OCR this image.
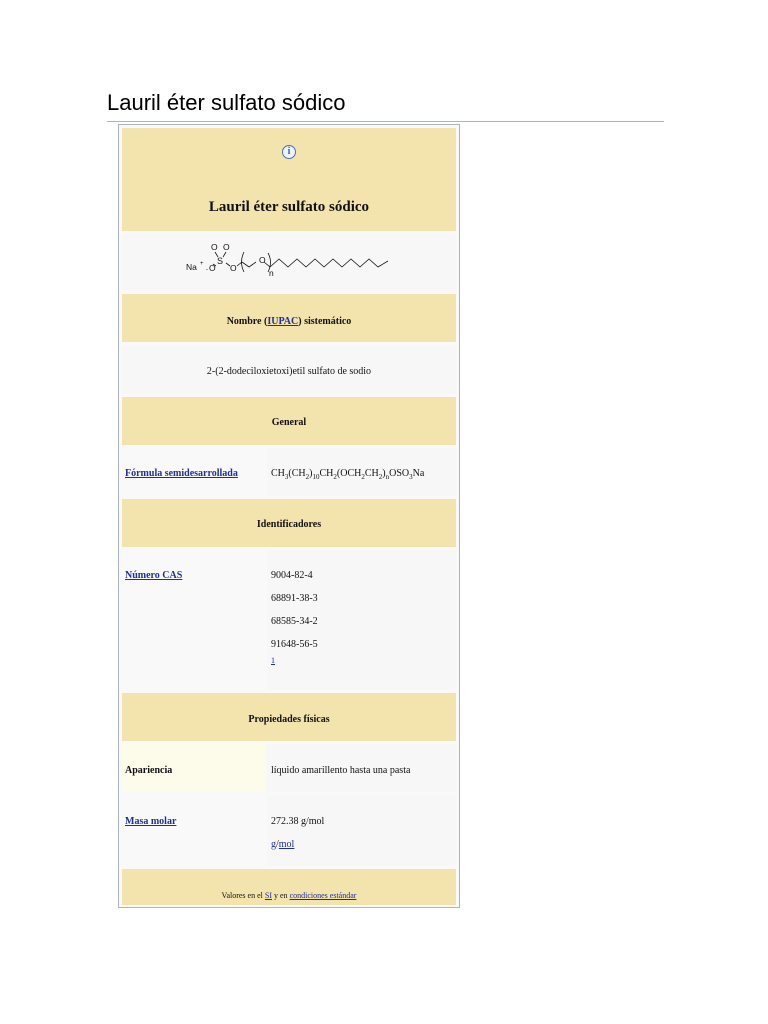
Lauril éter sulfato sódico
i
Lauril éter sulfato sódico
Na +
- O
O O
S
O
O
n
Nombre (IUPAC) sistemático
2-(2-dodeciloxietoxi)etil sulfato de sodio
General
Fórmula semidesarrollada	$CH_3(CH_2)_{10}CH_2(OCH_2CH_2)_nOSO_3Na$
Identificadores
Número CAS	9004-82-4
68891-38-3
68585-34-2
91648-56-5
1
Propiedades físicas
Apariencia	líquido amarillento hasta una pasta
Masa molar	272.38 g/mol
g/mol
Valores en el SI y en condiciones estándar
